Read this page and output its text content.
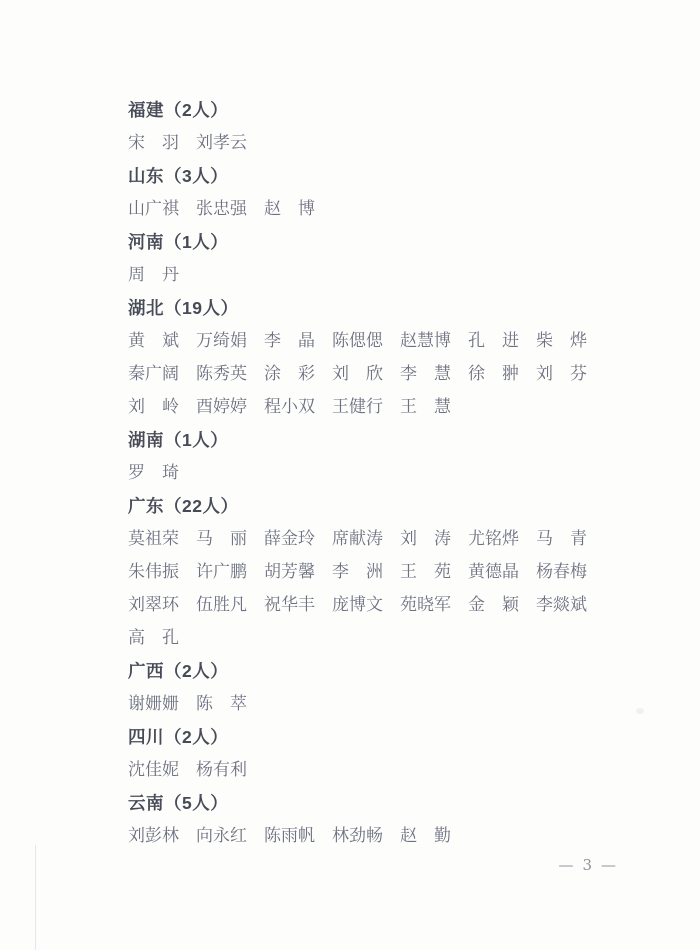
福建（2人）
宋　羽 刘孝云
山东（3人）
山广祺 张忠强 赵　博
河南（1人）
周　丹
湖北（19人）
黄　斌 万绮娟 李　晶 陈偲偲 赵慧博 孔　进 柴　烨
秦广阔 陈秀英 涂　彩 刘　欣 李　慧 徐　翀 刘　芬
刘　岭 酉婷婷 程小双 王健行 王　慧
湖南（1人）
罗　琦
广东（22人）
莫祖荣 马　丽 薛金玲 席献涛 刘　涛 尤铭烨 马　青
朱伟振 许广鹏 胡芳馨 李　洲 王　苑 黄德晶 杨春梅
刘翠环 伍胜凡 祝华丰 庞博文 苑晓军 金　颖 李燚斌
高　孔
广西（2人）
谢姗姗 陈　萃
四川（2人）
沈佳妮 杨有利
云南（5人）
刘彭林 向永红 陈雨帆 林劲畅 赵　勤
— 3 —
